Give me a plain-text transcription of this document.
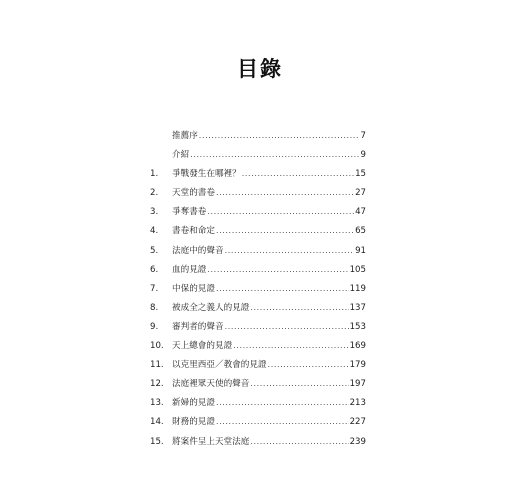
目錄
推薦序 .....	7
介紹 .....	9
1.	爭戰發生在哪裡？ .....	15
2.	天堂的書卷 .....	27
3.	爭奪書卷 .....	47
4.	書卷和命定 .....	65
5.	法庭中的聲音 .....	91
6.	血的見證 .....	105
7.	中保的見證 .....	119
8.	被成全之義人的見證 .....	137
9.	審判者的聲音 .....	153
10. 天上總會的見證 .....	169
11. 以克里西亞／教會的見證 .....	179
12. 法庭裡眾天使的聲音 .....	197
13. 新婦的見證 .....	213
14. 財務的見證 .....	227
15. 將案件呈上天堂法庭 .....	239
